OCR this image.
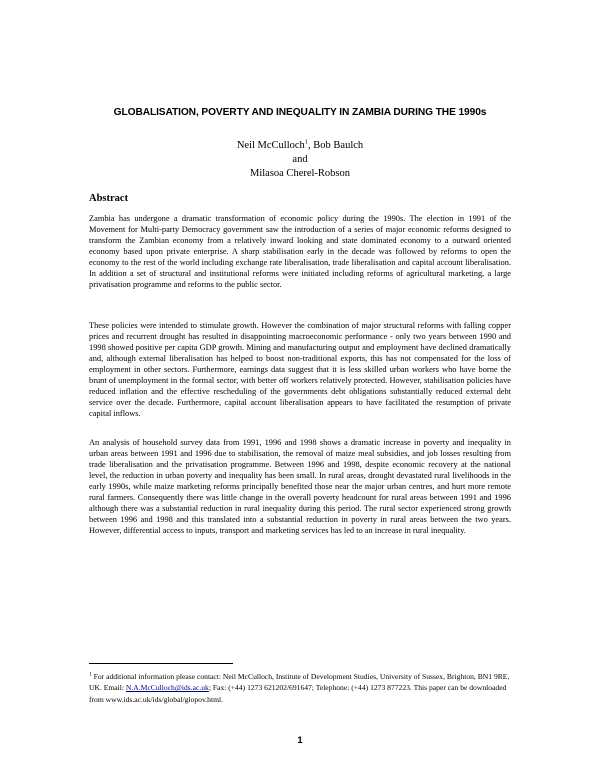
GLOBALISATION, POVERTY AND INEQUALITY IN ZAMBIA DURING THE 1990s
Neil McCulloch$^1$, Bob Baulch
and
Milasoa Cherel-Robson
Abstract

Zambia has undergone a dramatic transformation of economic policy during the 1990s. The election in 1991 of the Movement for Multi-party Democracy government saw the introduction of a series of major economic reforms designed to transform the Zambian economy from a relatively inward looking and state dominated economy to a outward oriented economy based upon private enterprise. A sharp stabilisation early in the decade was followed by reforms to open the economy to the rest of the world including exchange rate liberalisation, trade liberalisation and capital account liberalisation. In addition a set of structural and institutional reforms were initiated including reforms of agricultural marketing, a large privatisation programme and reforms to the public sector.

These policies were intended to stimulate growth. However the combination of major structural reforms with falling copper prices and recurrent drought has resulted in disappointing macroeconomic performance - only two years between 1990 and 1998 showed positive per capita GDP growth. Mining and manufacturing output and employment have declined dramatically and, although external liberalisation has helped to boost non-traditional exports, this has not compensated for the loss of employment in other sectors. Furthermore, earnings data suggest that it is less skilled urban workers who have borne the brunt of unemployment in the formal sector, with better off workers relatively protected. However, stabilisation policies have reduced inflation and the effective rescheduling of the governments debt obligations substantially reduced external debt service over the decade. Furthermore, capital account liberalisation appears to have facilitated the resumption of private capital inflows.

An analysis of household survey data from 1991, 1996 and 1998 shows a dramatic increase in poverty and inequality in urban areas between 1991 and 1996 due to stabilisation, the removal of maize meal subsidies, and job losses resulting from trade liberalisation and the privatisation programme. Between 1996 and 1998, despite economic recovery at the national level, the reduction in urban poverty and inequality has been small. In rural areas, drought devastated rural livelihoods in the early 1990s, while maize marketing reforms principally benefited those near the major urban centres, and hurt more remote rural farmers. Consequently there was little change in the overall poverty headcount for rural areas between 1991 and 1996 although there was a substantial reduction in rural inequality during this period. The rural sector experienced strong growth between 1996 and 1998 and this translated into a substantial reduction in poverty in rural areas between the two years. However, differential access to inputs, transport and marketing services has led to an increase in rural inequality.

$^1$ For additional information please contact: Neil McCulloch, Institute of Development Studies, University of Sussex, Brighton, BN1 9RE, UK. Email: N.A.McCulloch@ids.ac.uk; Fax: (+44) 1273 621202/691647; Telephone: (+44) 1273 877223. This paper can be downloaded from www.ids.ac.uk/ids/global/glopov.html.

1
